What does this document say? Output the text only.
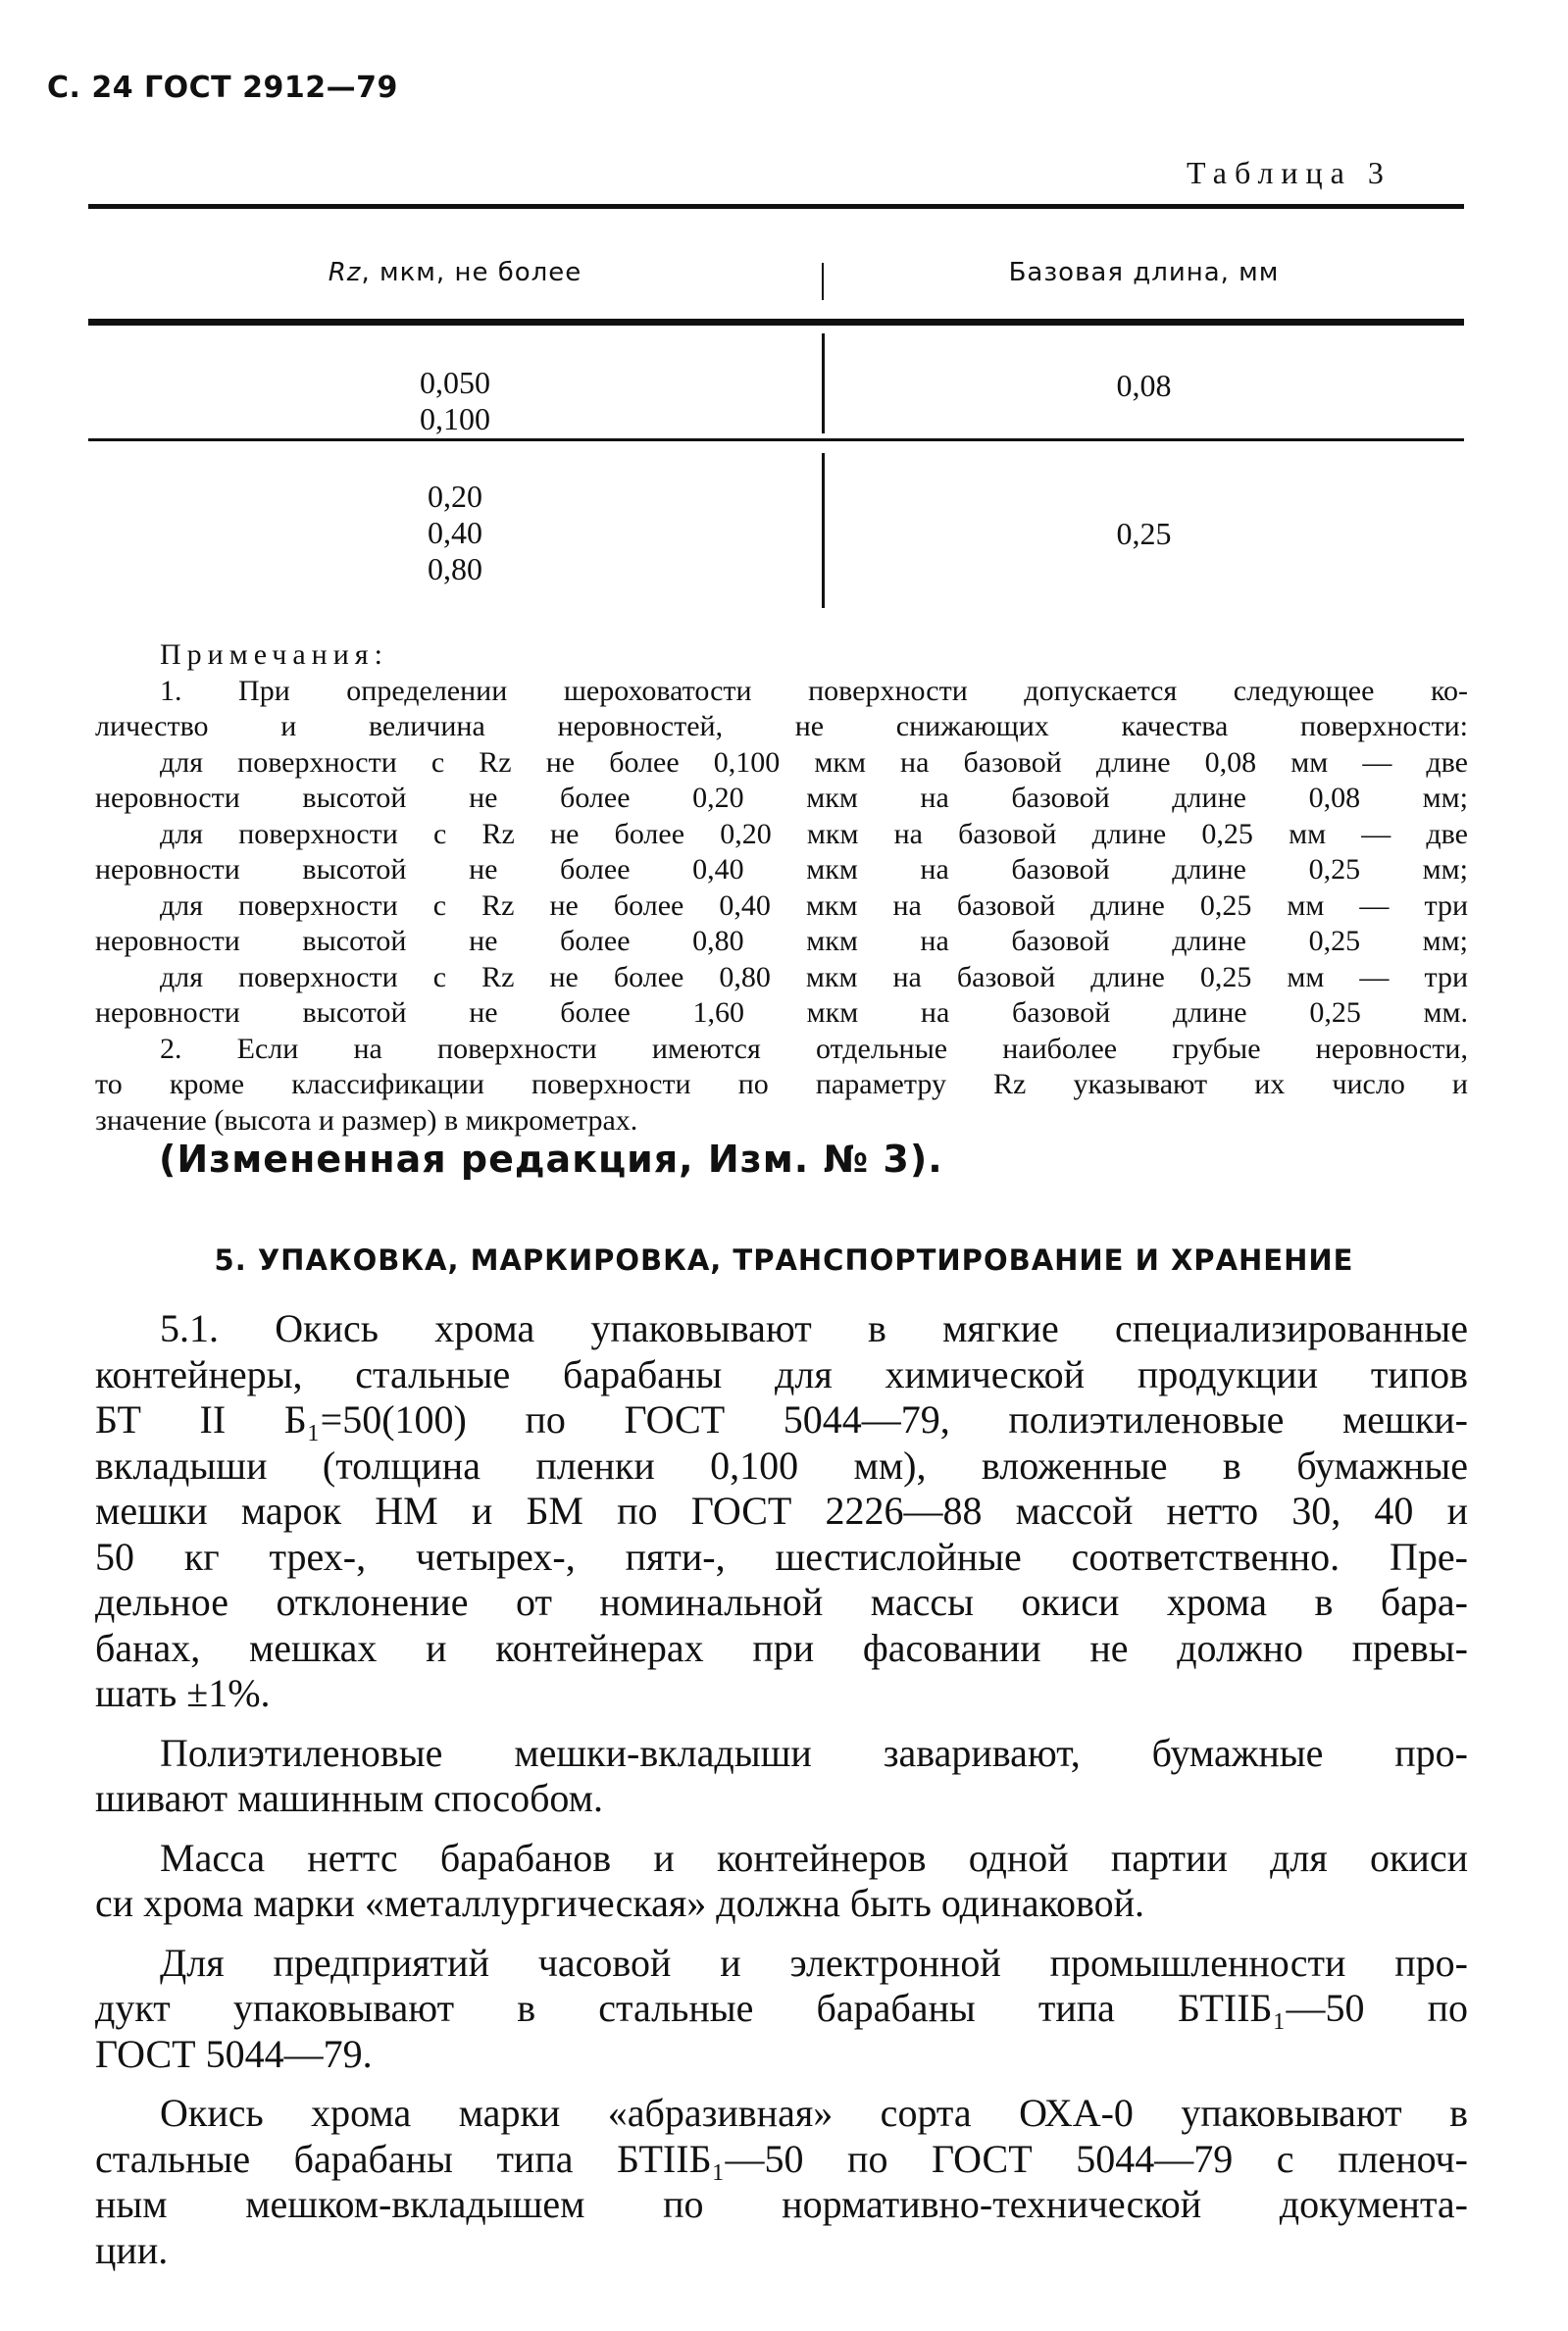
С. 24 ГОСТ 2912—79
Таблица 3
Rz, мкм, не более	Базовая длина, мм
0,050
0,100
0,08
0,20
0,40
0,80
0,25
Примечания:
1. При определении шероховатости поверхности допускается следующее ко-
личество и величина неровностей, не снижающих качества поверхности:
для поверхности с Rz не более 0,100 мкм на базовой длине 0,08 мм — две
неровности высотой не более 0,20 мкм на базовой длине 0,08 мм;
для поверхности с Rz не более 0,20 мкм на базовой длине 0,25 мм — две
неровности высотой не более 0,40 мкм на базовой длине 0,25 мм;
для поверхности с Rz не более 0,40 мкм на базовой длине 0,25 мм — три
неровности высотой не более 0,80 мкм на базовой длине 0,25 мм;
для поверхности с Rz не более 0,80 мкм на базовой длине 0,25 мм — три
неровности высотой не более 1,60 мкм на базовой длине 0,25 мм.
2. Если на поверхности имеются отдельные наиболее грубые неровности,
то кроме классификации поверхности по параметру Rz указывают их число и
значение (высота и размер) в микрометрах.
(Измененная редакция, Изм. № 3).
5. УПАКОВКА, МАРКИРОВКА, ТРАНСПОРТИРОВАНИЕ И ХРАНЕНИЕ
5.1. Окись хрома упаковывают в мягкие специализированные
контейнеры, стальные барабаны для химической продукции типов
БТ II Б₁=50(100) по ГОСТ 5044—79, полиэтиленовые мешки-
вкладыши (толщина пленки 0,100 мм), вложенные в бумажные
мешки марок НМ и БМ по ГОСТ 2226—88 массой нетто 30, 40 и
50 кг трех-, четырех-, пяти-, шестислойные соответственно. Пре-
дельное отклонение от номинальной массы окиси хрома в бара-
банах, мешках и контейнерах при фасовании не должно превы-
шать ±1%.
Полиэтиленовые мешки-вкладыши заваривают, бумажные про-
шивают машинным способом.
Масса неттс барабанов и контейнеров одной партии для окиси
си хрома марки «металлургическая» должна быть одинаковой.
Для предприятий часовой и электронной промышленности про-
дукт упаковывают в стальные барабаны типа БТIIБ₁—50 по
ГОСТ 5044—79.
Окись хрома марки «абразивная» сорта ОХА-0 упаковывают в
стальные барабаны типа БТIIБ₁—50 по ГОСТ 5044—79 с пленоч-
ным мешком-вкладышем по нормативно-технической документа-
ции.
